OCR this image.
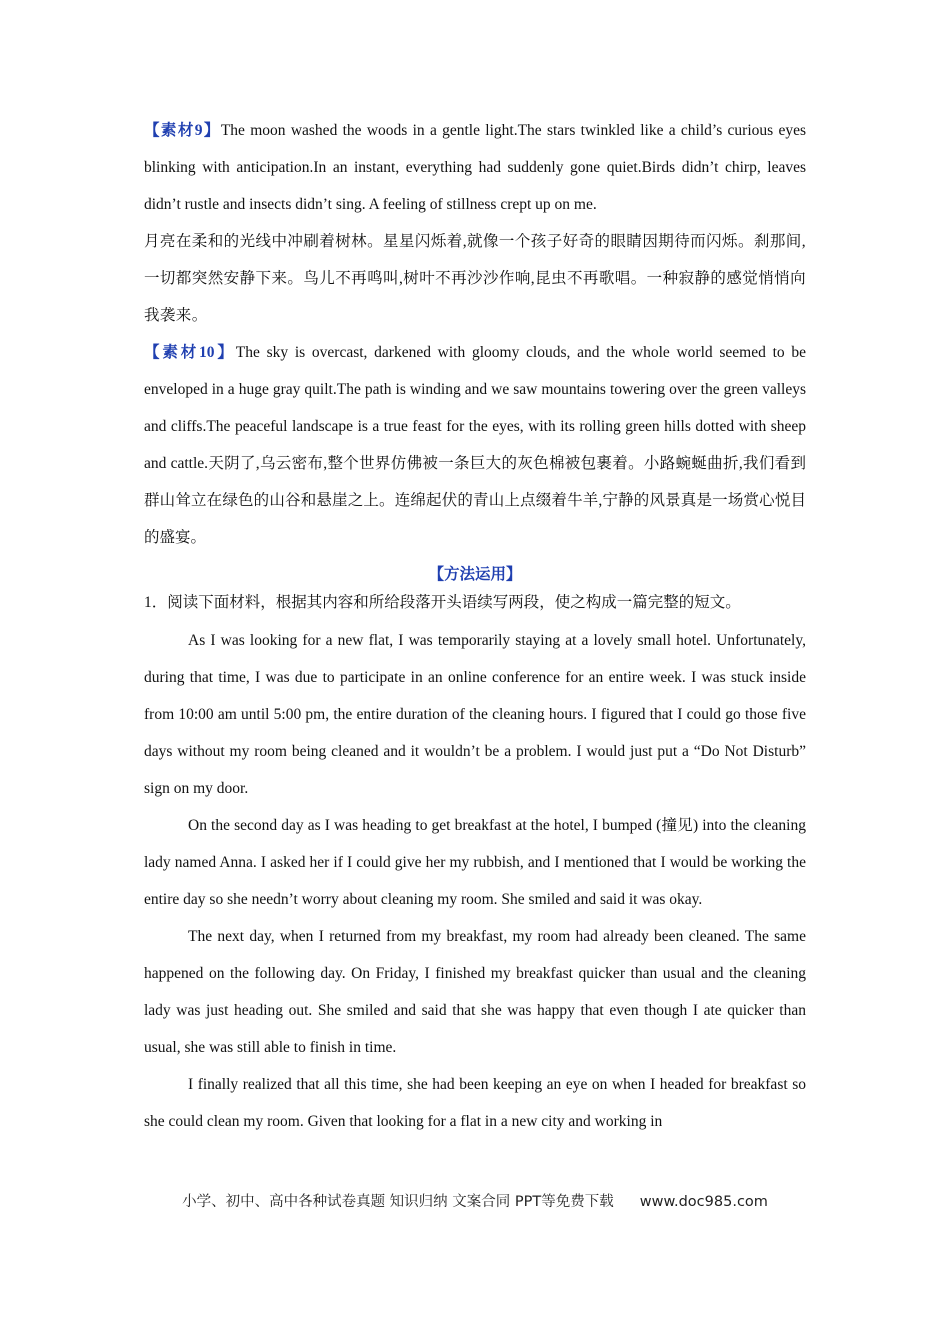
【素材9】The moon washed the woods in a gentle light.The stars twinkled like a child’s curious eyes blinking with anticipation.In an instant, everything had suddenly gone quiet.Birds didn’t chirp, leaves didn’t rustle and insects didn’t sing. A feeling of stillness crept up on me.

月亮在柔和的光线中冲刷着树林。星星闪烁着,就像一个孩子好奇的眼睛因期待而闪烁。刹那间,一切都突然安静下来。鸟儿不再鸣叫,树叶不再沙沙作响,昆虫不再歌唱。一种寂静的感觉悄悄向我袭来。

【素材10】The sky is overcast, darkened with gloomy clouds, and the whole world seemed to be enveloped in a huge gray quilt.The path is winding and we saw mountains towering over the green valleys and cliffs.The peaceful landscape is a true feast for the eyes, with its rolling green hills dotted with sheep and cattle.天阴了,乌云密布,整个世界仿佛被一条巨大的灰色棉被包裹着。小路蜿蜒曲折,我们看到群山耸立在绿色的山谷和悬崖之上。连绵起伏的青山上点缀着牛羊,宁静的风景真是一场赏心悦目的盛宴。

【方法运用】

1．阅读下面材料，根据其内容和所给段落开头语续写两段，使之构成一篇完整的短文。

As I was looking for a new flat, I was temporarily staying at a lovely small hotel. Unfortunately, during that time, I was due to participate in an online conference for an entire week. I was stuck inside from 10:00 am until 5:00 pm, the entire duration of the cleaning hours. I figured that I could go those five days without my room being cleaned and it wouldn’t be a problem. I would just put a “Do Not Disturb” sign on my door.

On the second day as I was heading to get breakfast at the hotel, I bumped (撞见) into the cleaning lady named Anna. I asked her if I could give her my rubbish, and I mentioned that I would be working the entire day so she needn’t worry about cleaning my room. She smiled and said it was okay.

The next day, when I returned from my breakfast, my room had already been cleaned. The same happened on the following day. On Friday, I finished my breakfast quicker than usual and the cleaning lady was just heading out. She smiled and said that she was happy that even though I ate quicker than usual, she was still able to finish in time.

I finally realized that all this time, she had been keeping an eye on when I headed for breakfast so she could clean my room. Given that looking for a flat in a new city and working in

小学、初中、高中各种试卷真题 知识归纳 文案合同 PPT等免费下载 www.doc985.com
